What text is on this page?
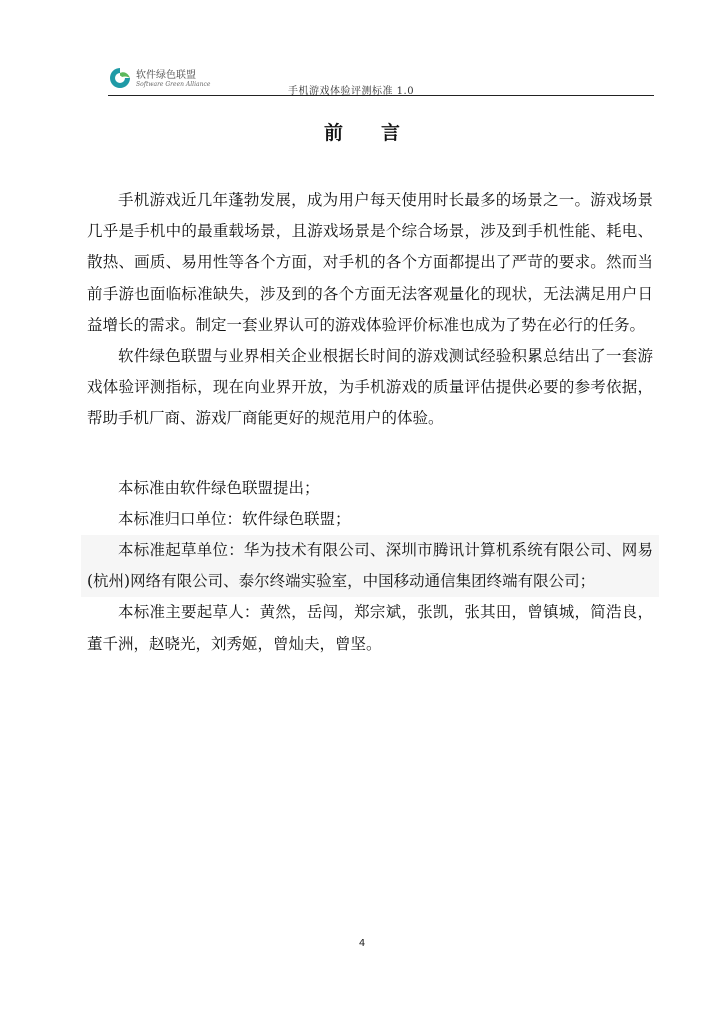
软件绿色联盟
Software Green Alliance
手机游戏体验评测标准 1.0
前　　言

手机游戏近几年蓬勃发展，成为用户每天使用时长最多的场景之一。游戏场景几乎是手机中的最重载场景，且游戏场景是个综合场景，涉及到手机性能、耗电、散热、画质、易用性等各个方面，对手机的各个方面都提出了严苛的要求。然而当前手游也面临标准缺失，涉及到的各个方面无法客观量化的现状，无法满足用户日益增长的需求。制定一套业界认可的游戏体验评价标准也成为了势在必行的任务。

软件绿色联盟与业界相关企业根据长时间的游戏测试经验积累总结出了一套游戏体验评测指标，现在向业界开放，为手机游戏的质量评估提供必要的参考依据，帮助手机厂商、游戏厂商能更好的规范用户的体验。

本标准由软件绿色联盟提出；

本标准归口单位：软件绿色联盟；

本标准起草单位：华为技术有限公司、深圳市腾讯计算机系统有限公司、网易(杭州)网络有限公司、泰尔终端实验室，中国移动通信集团终端有限公司；

本标准主要起草人：黄然，岳闯，郑宗斌，张凯，张其田，曾镇城，简浩良，董千洲，赵晓光，刘秀姬，曾灿夫，曾坚。

4
